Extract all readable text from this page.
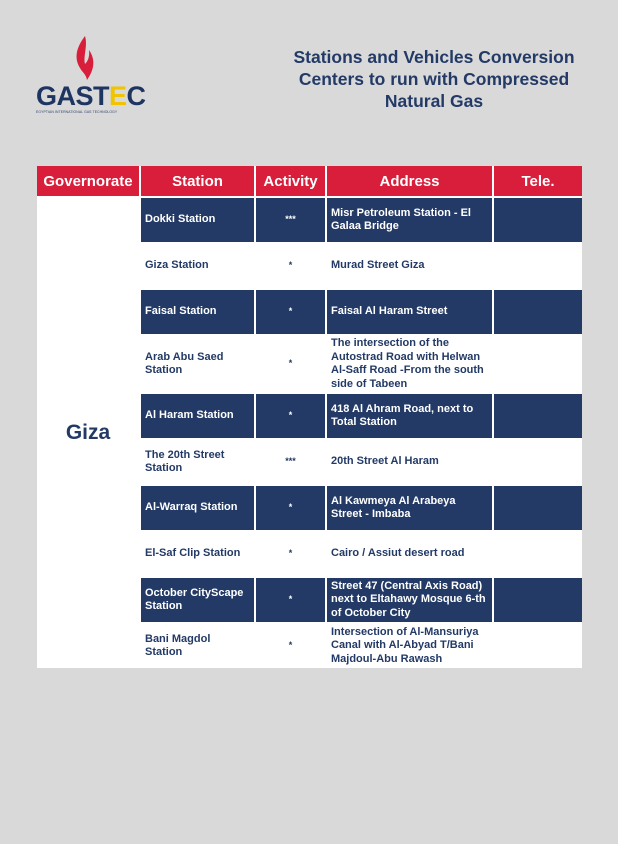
GASTEC
EGYPTIAN INTERNATIONAL GAS TECHNOLOGY
Stations and Vehicles Conversion
Centers to run with Compressed
Natural Gas
Governorate	Station	Activity	Address	Tele.
Giza	Dokki Station	***	Misr Petroleum Station - El Galaa Bridge	
	Giza Station	*	Murad Street Giza	
	Faisal Station	*	Faisal Al Haram Street	
	Arab Abu Saed Station	*	The intersection of the Autostrad Road with Helwan Al-Saff Road -From the south side of Tabeen	
	Al Haram Station	*	418 Al Ahram Road, next to Total Station	
	The 20th Street Station	***	20th Street Al Haram	
	Al-Warraq Station	*	Al Kawmeya Al Arabeya Street - Imbaba	
	El-Saf Clip Station	*	Cairo / Assiut desert road	
	October CityScape Station	*	Street 47 (Central Axis Road) next to Eltahawy Mosque 6-th of October City	
	Bani Magdol Station	*	Intersection of Al-Mansuriya Canal with Al-Abyad T/Bani Majdoul-Abu Rawash	
